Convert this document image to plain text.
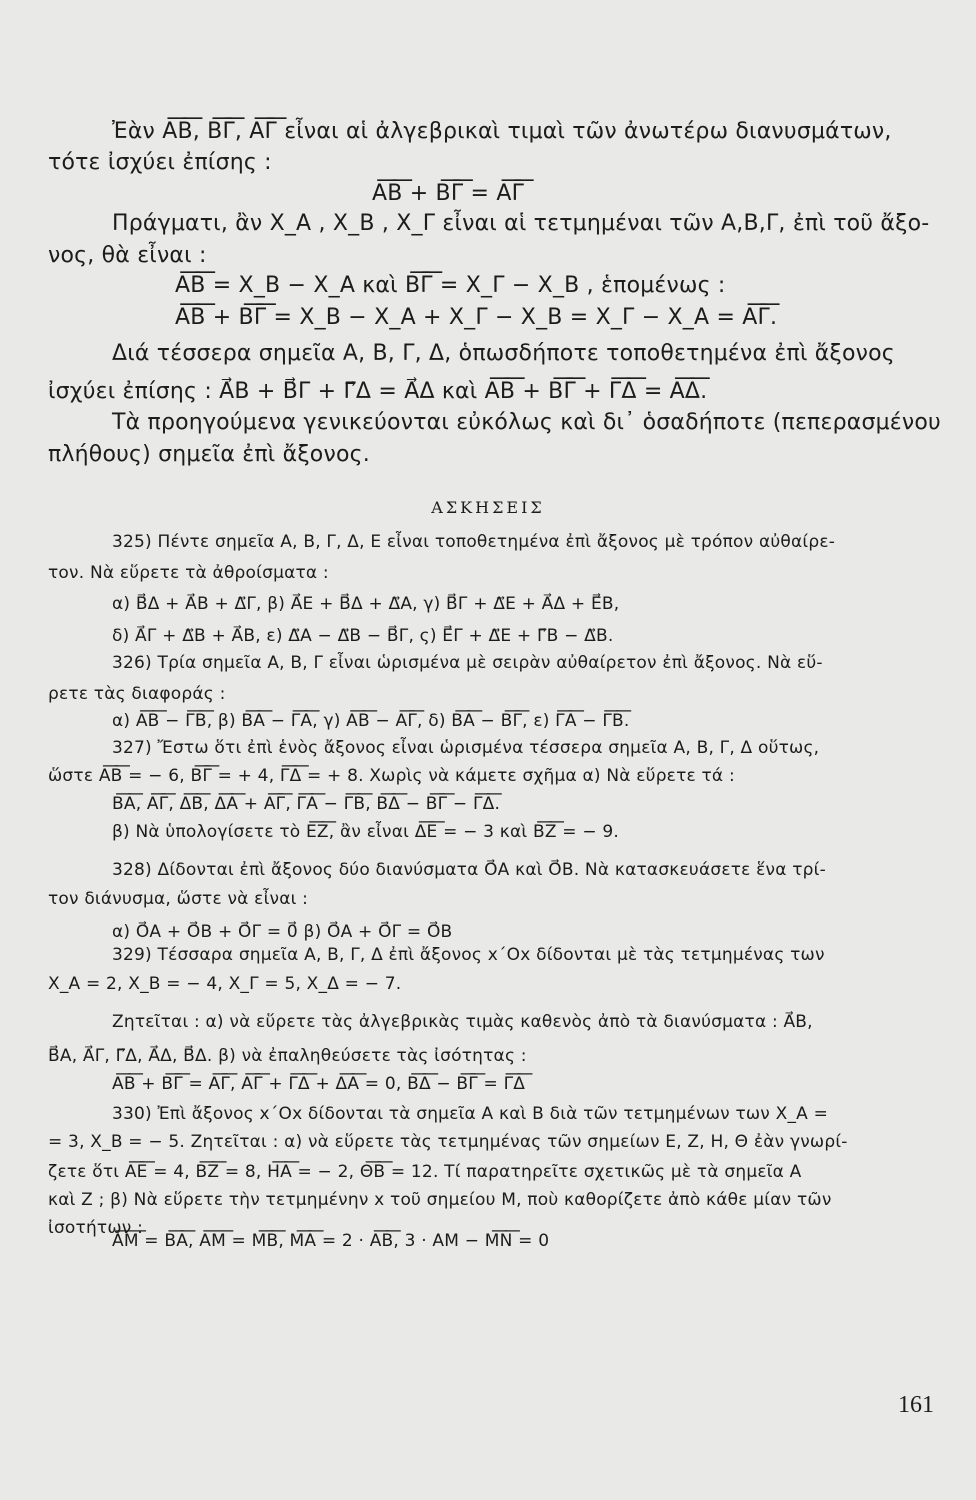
Ἐὰν A͞B͞, B͞Γ͞, A͞Γ͞ εἶναι αἱ ἀλγεβρικαὶ τιμαὶ τῶν ἀνωτέρω διανυσμάτων,
τότε ἰσχύει ἐπίσης :
A͞B͞ + B͞Γ͞ = A͞Γ͞
Πράγματι, ἂν X_A , X_B , X_Γ εἶναι αἱ τετμημέναι τῶν Α,Β,Γ, ἐπὶ τοῦ ἄξο-
νος, θὰ εἶναι :
A͞B͞ = X_B − X_A καὶ B͞Γ͞ = X_Γ − X_B , ἑπομένως :
A͞B͞ + B͞Γ͞ = X_B − X_A + X_Γ − X_B = X_Γ − X_A = A͞Γ͞.
Διά τέσσερα σημεῖα Α, Β, Γ, Δ, ὁπωσδήποτε τοποθετημένα ἐπὶ ἄξονος
ἰσχύει ἐπίσης : A⃗B + B⃗Γ + Γ⃗Δ = A⃗Δ καὶ A͞B͞ + B͞Γ͞ + Γ͞Δ͞ = A͞Δ͞.
Τὰ προηγούμενα γενικεύονται εὐκόλως καὶ δι᾽ ὁσαδήποτε (πεπερασμένου
πλήθους) σημεῖα ἐπὶ ἄξονος.
ΑΣΚΗΣΕΙΣ
325) Πέντε σημεῖα Α, Β, Γ, Δ, Ε εἶναι τοποθετημένα ἐπὶ ἄξονος μὲ τρόπον αὐθαίρε-
τον. Νὰ εὕρετε τὰ ἀθροίσματα :
α) B⃗Δ + A⃗B + Δ⃗Γ, β) A⃗E + B⃗Δ + Δ⃗A, γ) B⃗Γ + Δ⃗E + A⃗Δ + E⃗B,
δ) A⃗Γ + Δ⃗B + A⃗B, ε) Δ⃗A − Δ⃗B − B⃗Γ, ς) E⃗Γ + Δ⃗E + Γ⃗B − Δ⃗B.
326) Τρία σημεῖα Α, Β, Γ εἶναι ὡρισμένα μὲ σειρὰν αὐθαίρετον ἐπὶ ἄξονος. Νὰ εὕ-
ρετε τὰς διαφοράς :
α) A͞B͞ − Γ͞B͞, β) B͞A͞ − Γ͞A͞, γ) A͞B͞ − A͞Γ͞, δ) B͞A͞ − B͞Γ͞, ε) Γ͞A͞ − Γ͞B͞.
327) Ἔστω ὅτι ἐπὶ ἑνὸς ἄξονος εἶναι ὡρισμένα τέσσερα σημεῖα Α, Β, Γ, Δ οὕτως,
ὥστε A͞B͞ = − 6, B͞Γ͞ = + 4, Γ͞Δ͞ = + 8. Χωρὶς νὰ κάμετε σχῆμα α) Νὰ εὕρετε τά :
B͞A͞, A͞Γ͞, Δ͞B͞, Δ͞A͞ + A͞Γ͞, Γ͞A͞ − Γ͞B͞, B͞Δ͞ − B͞Γ͞ − Γ͞Δ͞.
β) Νὰ ὑπολογίσετε τὸ E͞Z͞, ἂν εἶναι Δ͞E͞ = − 3 καὶ B͞Z͞ = − 9.
328) Δίδονται ἐπὶ ἄξονος δύο διανύσματα O⃗A καὶ O⃗B. Νὰ κατασκευάσετε ἕνα τρί-
τον διάνυσμα, ὥστε νὰ εἶναι :
α) O⃗A + O⃗B + O⃗Γ = 0⃗ β) O⃗A + O⃗Γ = O⃗B
329) Τέσσαρα σημεῖα Α, Β, Γ, Δ ἐπὶ ἄξονος x΄Οx δίδονται μὲ τὰς τετμημένας των
X_A = 2, X_B = − 4, X_Γ = 5, X_Δ = − 7.
Ζητεῖται : α) νὰ εὕρετε τὰς ἀλγεβρικὰς τιμὰς καθενὸς ἀπὸ τὰ διανύσματα : A⃗B,
B⃗A, A⃗Γ, Γ⃗Δ, A⃗Δ, B⃗Δ. β) νὰ ἐπαληθεύσετε τὰς ἰσότητας :
A͞B͞ + B͞Γ͞ = A͞Γ͞, A͞Γ͞ + Γ͞Δ͞ + Δ͞A͞ = 0, B͞Δ͞ − B͞Γ͞ = Γ͞Δ͞
330) Ἐπὶ ἄξονος x΄Οx δίδονται τὰ σημεῖα Α καὶ Β διὰ τῶν τετμημένων των X_A =
= 3, X_B = − 5. Ζητεῖται : α) νὰ εὕρετε τὰς τετμημένας τῶν σημείων Ε, Ζ, Η, Θ ἐὰν γνωρί-
ζετε ὅτι A͞E͞ = 4, B͞Z͞ = 8, H͞A͞ = − 2, Θ͞B͞ = 12. Τί παρατηρεῖτε σχετικῶς μὲ τὰ σημεῖα Α
καὶ Ζ ; β) Νὰ εὕρετε τὴν τετμημένην x τοῦ σημείου Μ, ποὺ καθορίζετε ἀπὸ κάθε μίαν τῶν
ἰσοτήτων :
A͞M͞ = B͞A͞, A͞M͞ = M͞B͞, M͞A͞ = 2 · A͞B͞, 3 · AM − M͞N͞ = 0
161
